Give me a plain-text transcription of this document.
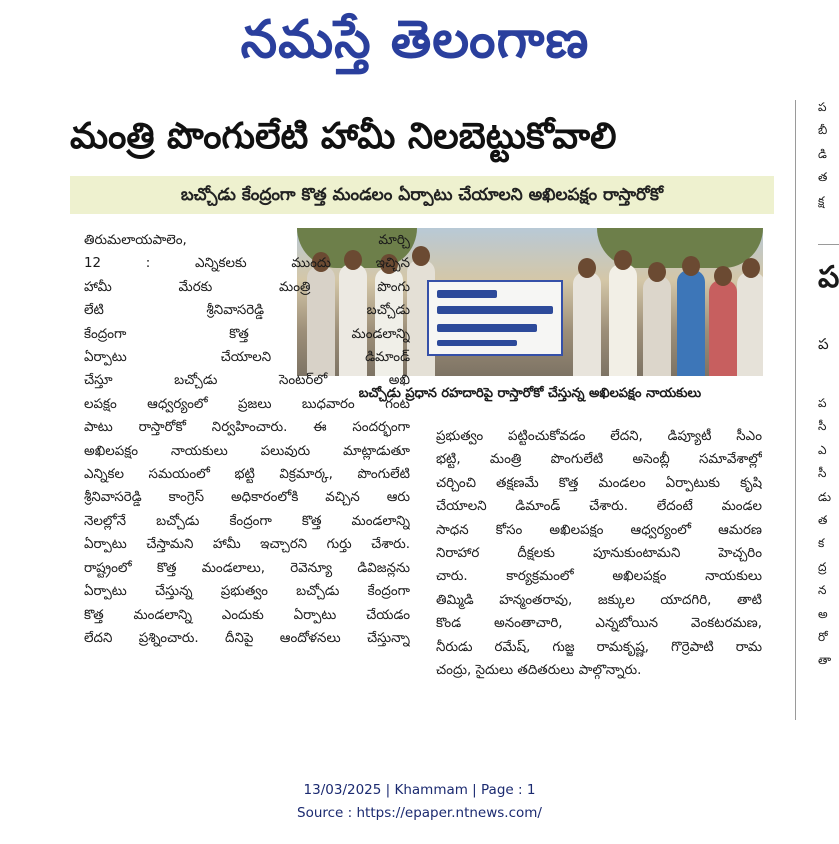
నమస్తే తెలంగాణ
మంత్రి పొంగులేటి హామీ నిలబెట్టుకోవాలి
బచ్చోడు కేంద్రంగా కొత్త మండలం ఏర్పాటు చేయాలని అఖిలపక్షం రాస్తారోకో
బచ్చోడు ప్రధాన రహదారిపై రాస్తారోకో చేస్తున్న అఖిలపక్షం నాయకులు

తిరుమలాయపాలెం, మార్చి

12 : ఎన్నికలకు ముందు ఇచ్చిన

హామీ మేరకు మంత్రి పొంగు

లేటి శ్రీనివాసరెడ్డి బచ్చోడు

కేంద్రంగా కొత్త మండలాన్ని

ఏర్పాటు చేయాలని డిమాండ్

చేస్తూ బచ్చోడు సెంటర్‌లో అఖి

లపక్షం ఆధ్వర్యంలో ప్రజలు బుధవారం గంట

పాటు రాస్తారోకో నిర్వహించారు. ఈ సందర్భంగా

అఖిలపక్షం నాయకులు పలువురు మాట్లాడుతూ

ఎన్నికల సమయంలో భట్టి విక్రమార్క, పొంగులేటి

శ్రీనివాసరెడ్డి కాంగ్రెస్ అధికారంలోకి వచ్చిన ఆరు

నెలల్లోనే బచ్చోడు కేంద్రంగా కొత్త మండలాన్ని

ఏర్పాటు చేస్తామని హామీ ఇచ్చారని గుర్తు చేశారు.

రాష్ట్రంలో కొత్త మండలాలు, రెవెన్యూ డివిజన్లను

ఏర్పాటు చేస్తున్న ప్రభుత్వం బచ్చోడు కేంద్రంగా

కొత్త మండలాన్ని ఎందుకు ఏర్పాటు చేయడం

లేదని ప్రశ్నించారు. దీనిపై ఆందోళనలు చేస్తున్నా

ప్రభుత్వం పట్టించుకోవడం లేదని, డిప్యూటీ సీఎం

భట్టి, మంత్రి పొంగులేటి అసెంబ్లీ సమావేశాల్లో

చర్చించి తక్షణమే కొత్త మండలం ఏర్పాటుకు కృషి

చేయాలని డిమాండ్ చేశారు. లేదంటే మండల

సాధన కోసం అఖిలపక్షం ఆధ్వర్యంలో ఆమరణ

నిరాహార దీక్షలకు పూనుకుంటామని హెచ్చరిం

చారు. కార్యక్రమంలో అఖిలపక్షం నాయకులు

తిమ్మిడి హన్మంతరావు, జక్కుల యాదగిరి, తాటి

కొండ అనంతాచారి, ఎన్నబోయిన వెంకటరమణ,

నీరుడు రమేష్, గుజ్జ రామకృష్ణ, గొర్రెపాటి రామ

చంద్రు, సైదులు తదితరులు పాల్గొన్నారు.

ప
బీ
డి
త
క్ష
ప
ప
ప
సీ
ఎ
సీ
డు
త
క
ద్ర
న
అ
రో
తా
13/03/2025 | Khammam | Page : 1
Source : https://epaper.ntnews.com/
